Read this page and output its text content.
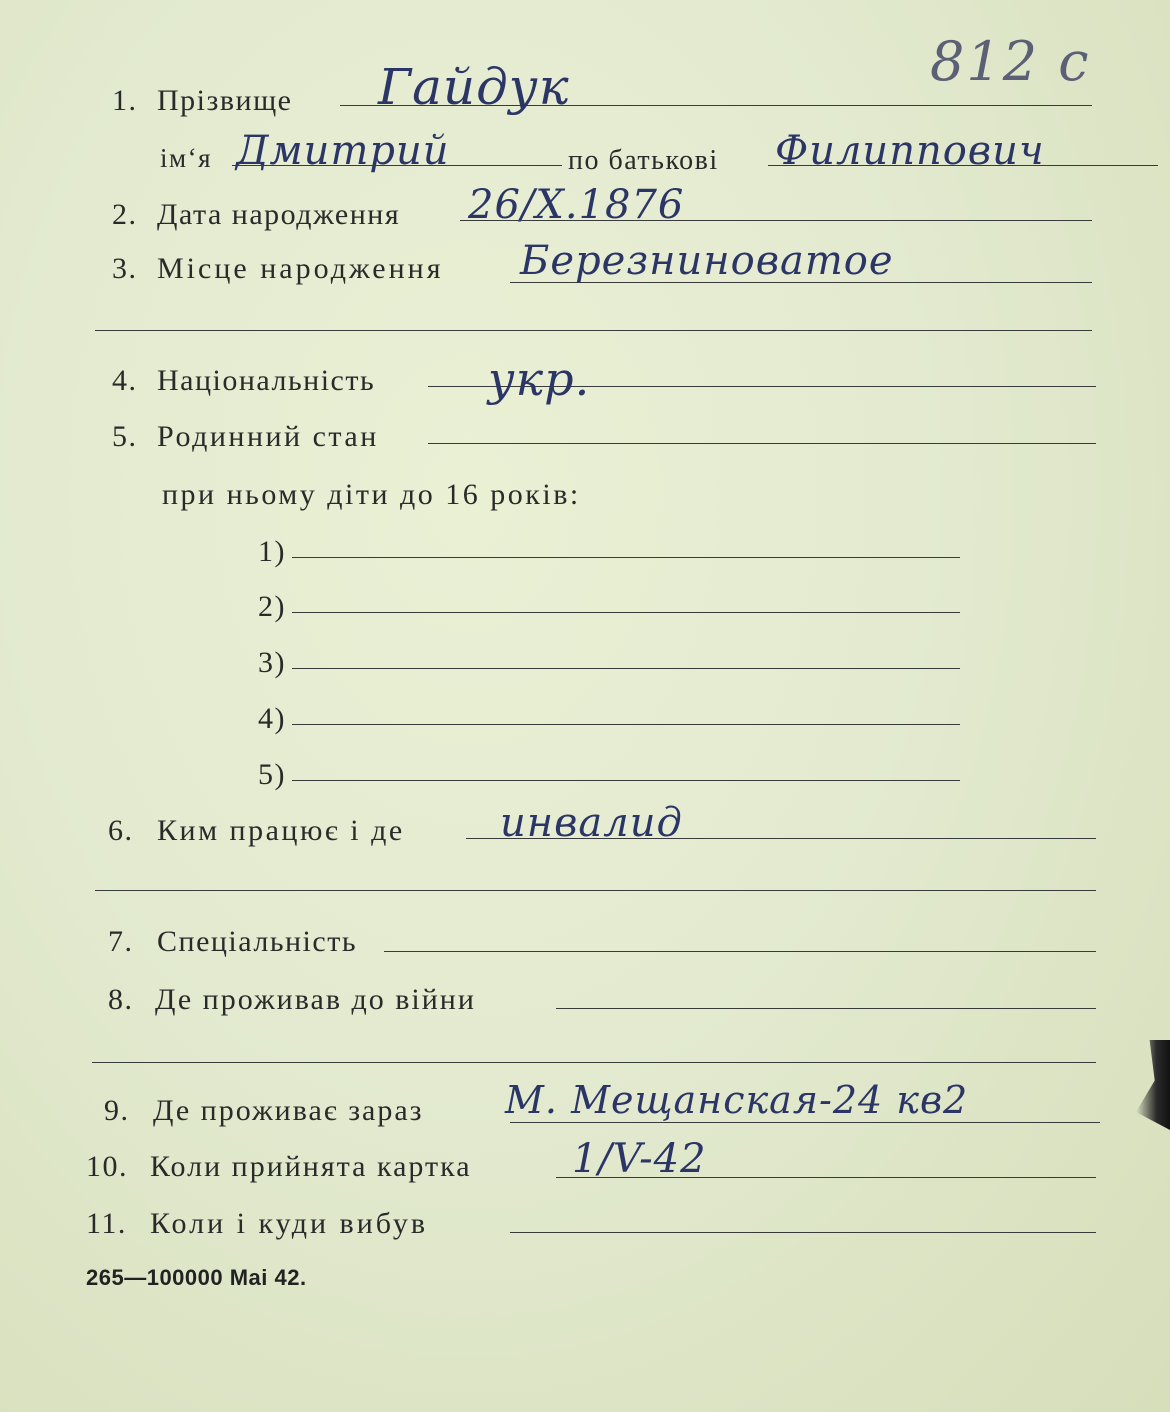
812 с
1. Прізвище Гайдук
ім‘я Дмитрий	по батькові Филиппович
2. Дата народження 26/X.1876
3. Місце народження Березниноватое
4. Національність укр.
5. Родинний стан
при ньому діти до 16 років:
1)
2)
3)
4)
5)
6. Ким працює і де инвалид
7. Спеціальність
8. Де проживав до війни
9. Де проживає зараз М. Мещанская-24 кв2
10. Коли прийнята картка	1/V-42
11. Коли і куди вибув
265—100000 Mai 42.
